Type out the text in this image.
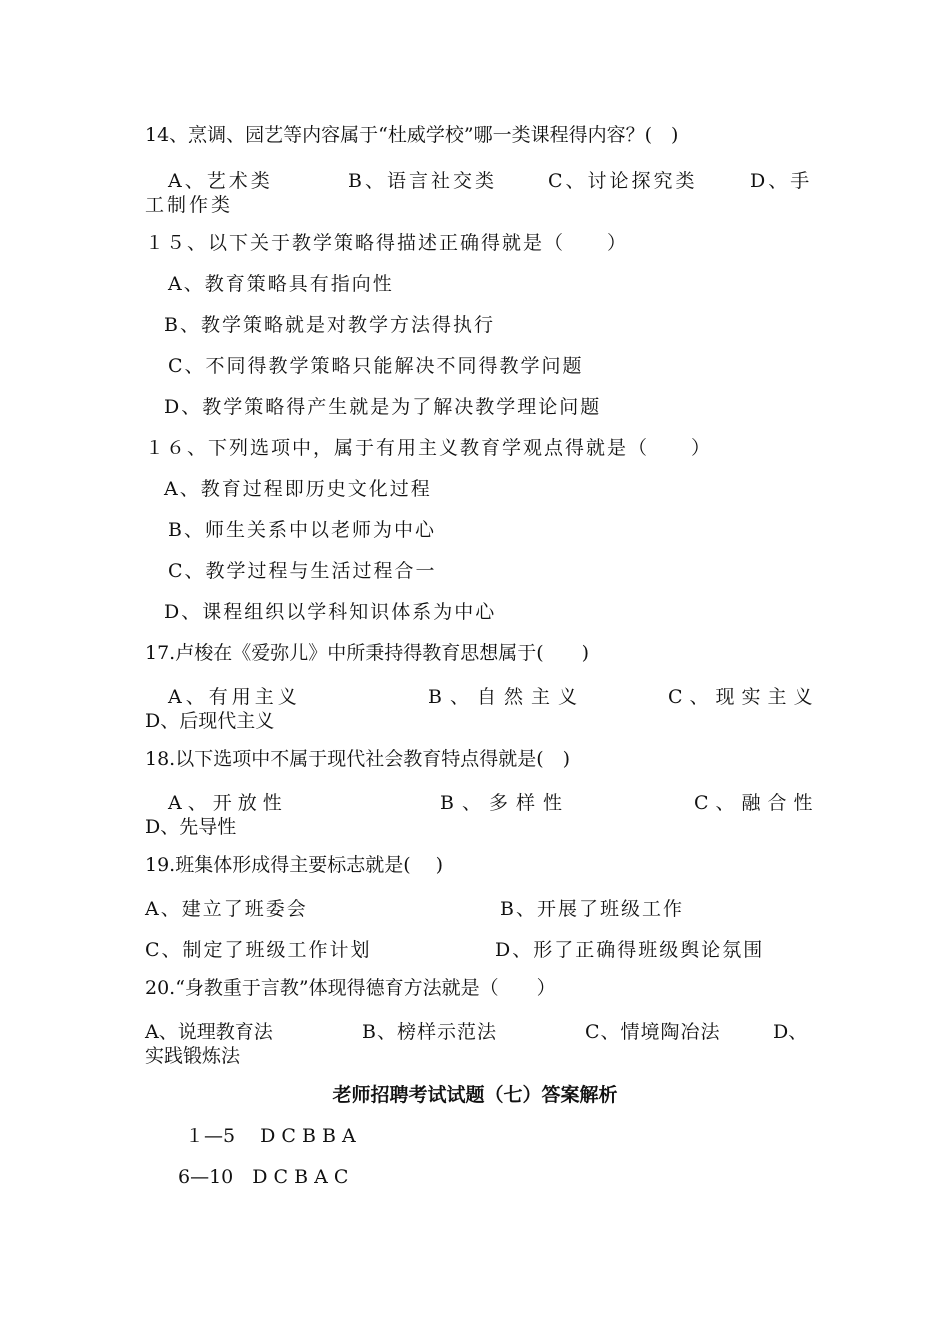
14、烹调、园艺等内容属于“杜威学校”哪一类课程得内容？(　)
A、艺术类	B、语言社交类	C、讨论探究类	D、手
工制作类
１５、以下关于教学策略得描述正确得就是（　　）
A、教育策略具有指向性
B、教学策略就是对教学方法得执行
C、不同得教学策略只能解决不同得教学问题
D、教学策略得产生就是为了解决教学理论问题
１６、下列选项中，属于有用主义教育学观点得就是（　　）
A、教育过程即历史文化过程
B、师生关系中以老师为中心
C、教学过程与生活过程合一
D、课程组织以学科知识体系为中心
17.卢梭在《爱弥儿》中所秉持得教育思想属于(　　)
A、有用主义	B、自然主义	C、现实主义
D、后现代主义
18.以下选项中不属于现代社会教育特点得就是(　)
A、开放性	B、多样性	C、融合性
D、先导性
19.班集体形成得主要标志就是(　 )
A、建立了班委会	B、开展了班级工作
C、制定了班级工作计划	D、形了正确得班级舆论氛围
20.“身教重于言教”体现得德育方法就是（　　）
A、说理教育法	B、榜样示范法	C、情境陶冶法	D、
实践锻炼法
老师招聘考试试题（七）答案解析
１—5　 D C B B A
6—10　D C B A C
